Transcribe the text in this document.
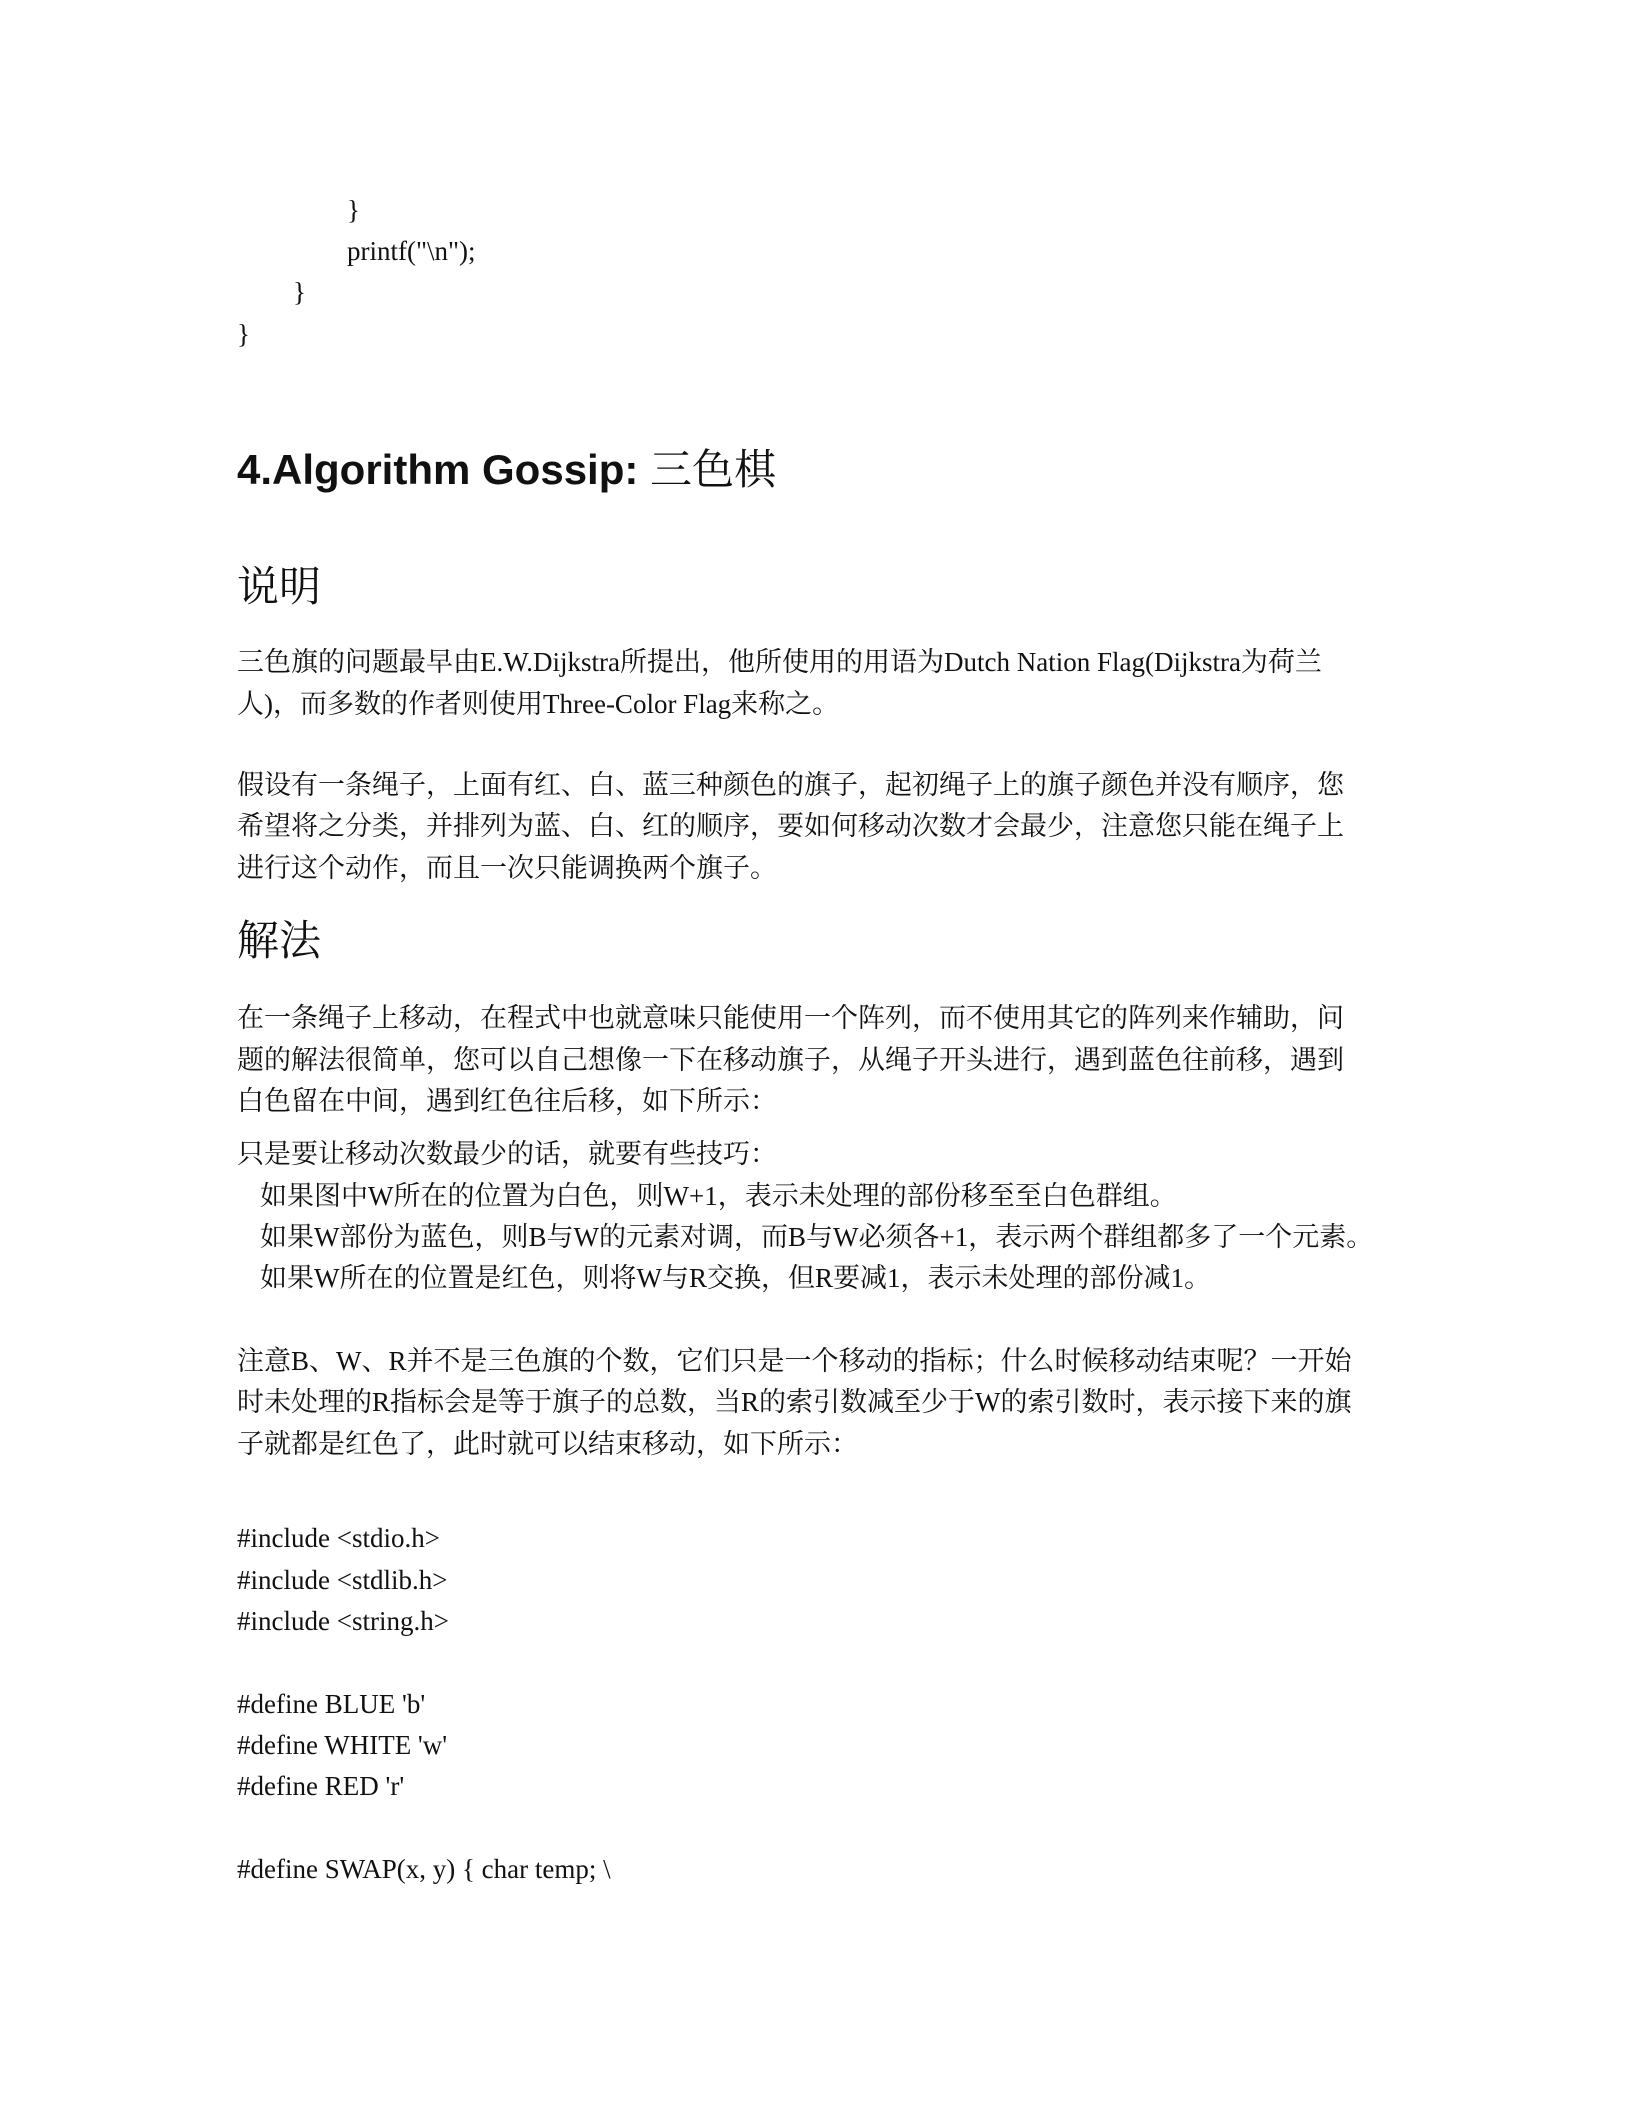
}
printf("\n");
}
}
4.Algorithm Gossip: 三色棋
说明
三色旗的问题最早由E.W.Dijkstra所提出，他所使用的用语为Dutch Nation Flag(Dijkstra为荷兰
人)，而多数的作者则使用Three-Color Flag来称之。
假设有一条绳子，上面有红、白、蓝三种颜色的旗子，起初绳子上的旗子颜色并没有顺序，您
希望将之分类，并排列为蓝、白、红的顺序，要如何移动次数才会最少，注意您只能在绳子上
进行这个动作，而且一次只能调换两个旗子。
解法
在一条绳子上移动，在程式中也就意味只能使用一个阵列，而不使用其它的阵列来作辅助，问
题的解法很简单，您可以自己想像一下在移动旗子，从绳子开头进行，遇到蓝色往前移，遇到
白色留在中间，遇到红色往后移，如下所示：
只是要让移动次数最少的话，就要有些技巧：
如果图中W所在的位置为白色，则W+1，表示未处理的部份移至至白色群组。
如果W部份为蓝色，则B与W的元素对调，而B与W必须各+1，表示两个群组都多了一个元素。
如果W所在的位置是红色，则将W与R交换，但R要减1，表示未处理的部份减1。
注意B、W、R并不是三色旗的个数，它们只是一个移动的指标；什么时候移动结束呢？一开始
时未处理的R指标会是等于旗子的总数，当R的索引数减至少于W的索引数时，表示接下来的旗
子就都是红色了，此时就可以结束移动，如下所示：
#include <stdio.h>
#include <stdlib.h>
#include <string.h>
#define BLUE 'b'
#define WHITE 'w'
#define RED 'r'
#define SWAP(x, y) { char temp; \
